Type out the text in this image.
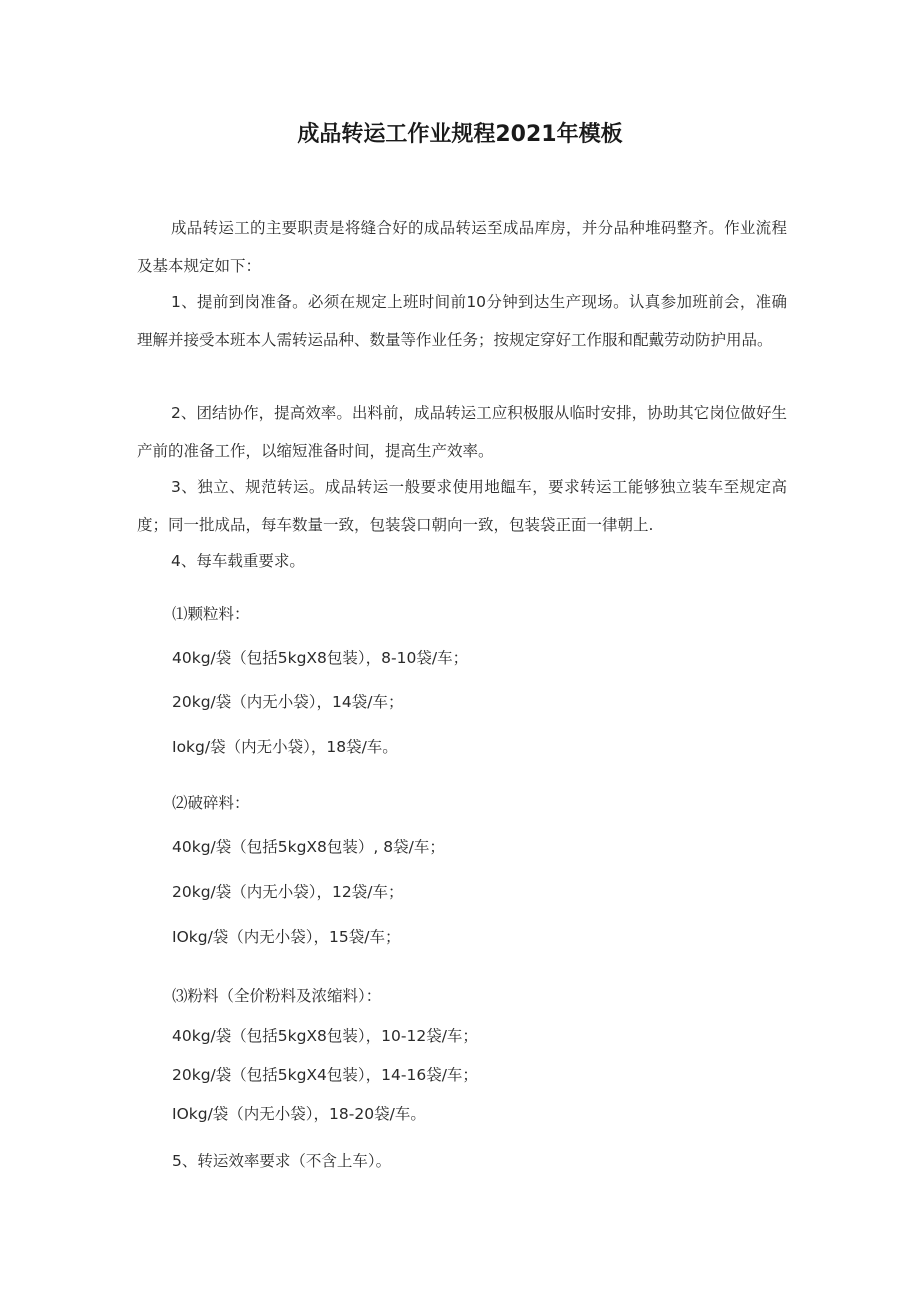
成品转运工作业规程2021年模板
成品转运工的主要职责是将缝合好的成品转运至成品库房，并分品种堆码整齐。作业流程及基本规定如下：
1、提前到岗准备。必须在规定上班时间前10分钟到达生产现场。认真参加班前会，准确理解并接受本班本人需转运品种、数量等作业任务；按规定穿好工作服和配戴劳动防护用品。
2、团结协作，提高效率。出料前，成品转运工应积极服从临时安排，协助其它岗位做好生产前的准备工作，以缩短准备时间，提高生产效率。
3、独立、规范转运。成品转运一般要求使用地饂车，要求转运工能够独立装车至规定高度；同一批成品，每车数量一致，包装袋口朝向一致，包装袋正面一律朝上.
4、每车载重要求。
⑴颗粒料：
40kg/袋（包括5kgX8包装），8-10袋/车；
20kg/袋（内无小袋），14袋/车；
Iokg/袋（内无小袋），18袋/车。
⑵破碎料：
40kg/袋（包括5kgX8包装）, 8袋/车；
20kg/袋（内无小袋），12袋/车；
IOkg/袋（内无小袋），15袋/车；
⑶粉料（全价粉料及浓缩料）：
40kg/袋（包括5kgX8包装），10-12袋/车；
20kg/袋（包括5kgX4包装），14-16袋/车；
IOkg/袋（内无小袋），18-20袋/车。
5、转运效率要求（不含上车）。
